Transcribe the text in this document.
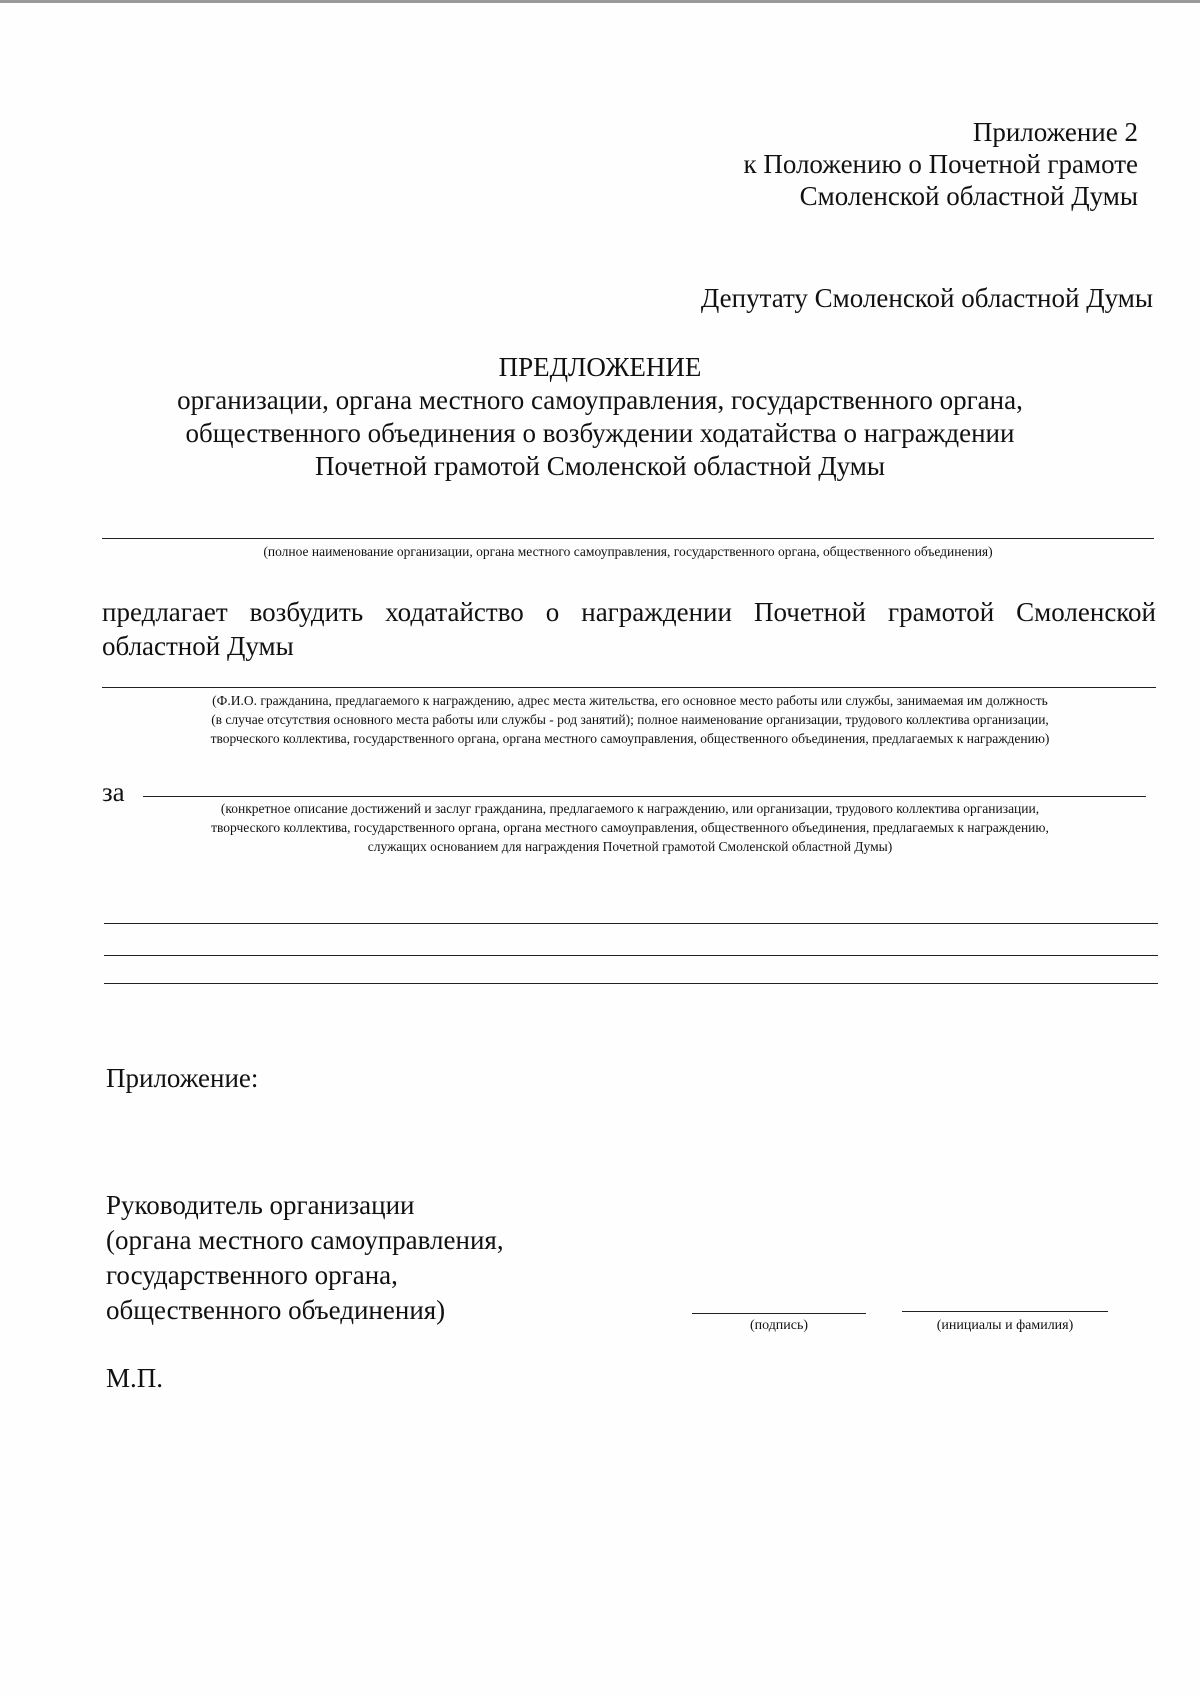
Приложение 2
к Положению о Почетной грамоте
Смоленской областной Думы
Депутату Смоленской областной Думы
ПРЕДЛОЖЕНИЕ
организации, органа местного самоуправления, государственного органа,
общественного объединения о возбуждении ходатайства о награждении
Почетной грамотой Смоленской областной Думы
(полное наименование организации, органа местного самоуправления, государственного органа, общественного объединения)
предлагает возбудить ходатайство о награждении Почетной грамотой Смоленской областной Думы
(Ф.И.О. гражданина, предлагаемого к награждению, адрес места жительства, его основное место работы или службы, занимаемая им должность
(в случае отсутствия основного места работы или службы - род занятий); полное наименование организации, трудового коллектива организации,
творческого коллектива, государственного органа, органа местного самоуправления, общественного объединения, предлагаемых к награждению)
за
(конкретное описание достижений и заслуг гражданина, предлагаемого к награждению, или организации, трудового коллектива организации,
творческого коллектива, государственного органа, органа местного самоуправления, общественного объединения, предлагаемых к награждению,
служащих основанием для награждения Почетной грамотой Смоленской областной Думы)
Приложение:
Руководитель организации
(органа местного самоуправления,
государственного органа,
общественного объединения)
(подпись)	(инициалы и фамилия)
М.П.
